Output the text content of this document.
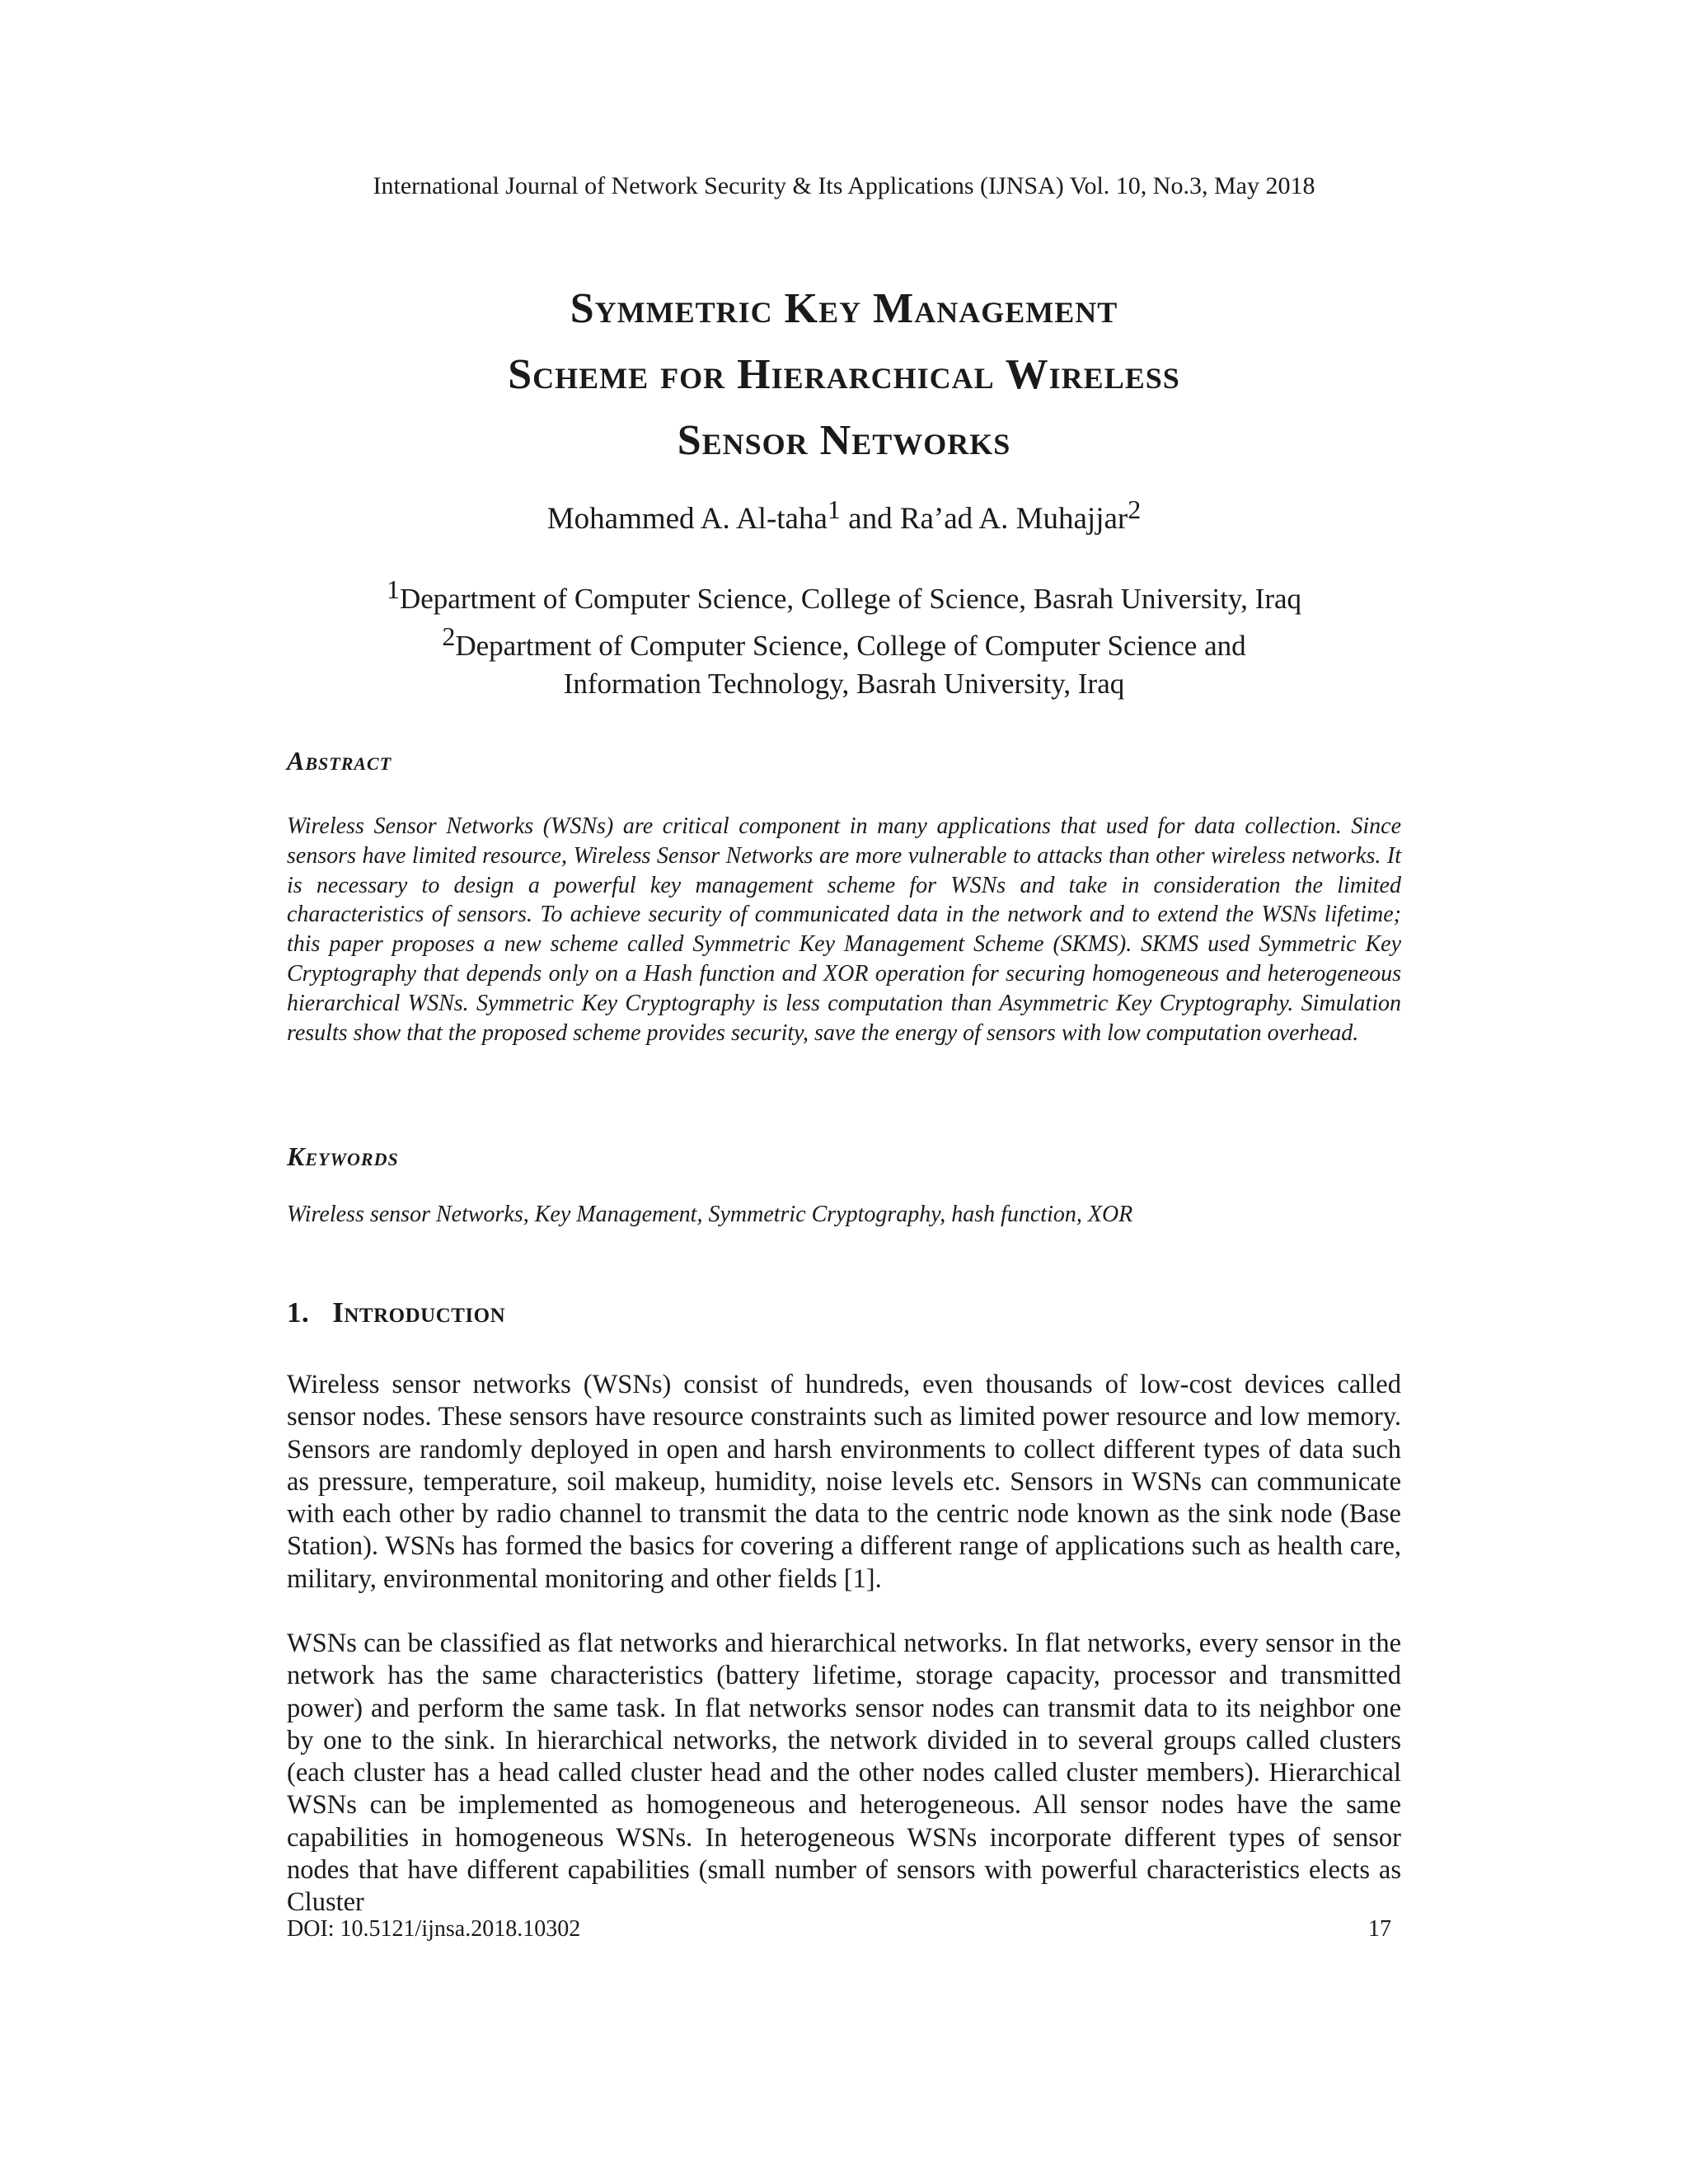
International Journal of Network Security & Its Applications (IJNSA) Vol. 10, No.3, May 2018
Symmetric Key Management
Scheme for Hierarchical Wireless
Sensor Networks
Mohammed A. Al-taha$^1$ and Ra’ad A. Muhajjar$^2$
$^1$Department of Computer Science, College of Science, Basrah University, Iraq
$^2$Department of Computer Science, College of Computer Science and
Information Technology, Basrah University, Iraq
Abstract

Wireless Sensor Networks (WSNs) are critical component in many applications that used for data collection. Since sensors have limited resource, Wireless Sensor Networks are more vulnerable to attacks than other wireless networks. It is necessary to design a powerful key management scheme for WSNs and take in consideration the limited characteristics of sensors. To achieve security of communicated data in the network and to extend the WSNs lifetime; this paper proposes a new scheme called Symmetric Key Management Scheme (SKMS). SKMS used Symmetric Key Cryptography that depends only on a Hash function and XOR operation for securing homogeneous and heterogeneous hierarchical WSNs. Symmetric Key Cryptography is less computation than Asymmetric Key Cryptography. Simulation results show that the proposed scheme provides security, save the energy of sensors with low computation overhead.

Keywords

Wireless sensor Networks, Key Management, Symmetric Cryptography, hash function, XOR

1. Introduction

Wireless sensor networks (WSNs) consist of hundreds, even thousands of low-cost devices called sensor nodes. These sensors have resource constraints such as limited power resource and low memory. Sensors are randomly deployed in open and harsh environments to collect different types of data such as pressure, temperature, soil makeup, humidity, noise levels etc. Sensors in WSNs can communicate with each other by radio channel to transmit the data to the centric node known as the sink node (Base Station). WSNs has formed the basics for covering a different range of applications such as health care, military, environmental monitoring and other fields [1].

WSNs can be classified as flat networks and hierarchical networks. In flat networks, every sensor in the network has the same characteristics (battery lifetime, storage capacity, processor and transmitted power) and perform the same task. In flat networks sensor nodes can transmit data to its neighbor one by one to the sink. In hierarchical networks, the network divided in to several groups called clusters (each cluster has a head called cluster head and the other nodes called cluster members). Hierarchical WSNs can be implemented as homogeneous and heterogeneous. All sensor nodes have the same capabilities in homogeneous WSNs. In heterogeneous WSNs incorporate different types of sensor nodes that have different capabilities (small number of sensors with powerful characteristics elects as Cluster

DOI: 10.5121/ijnsa.2018.10302	17
